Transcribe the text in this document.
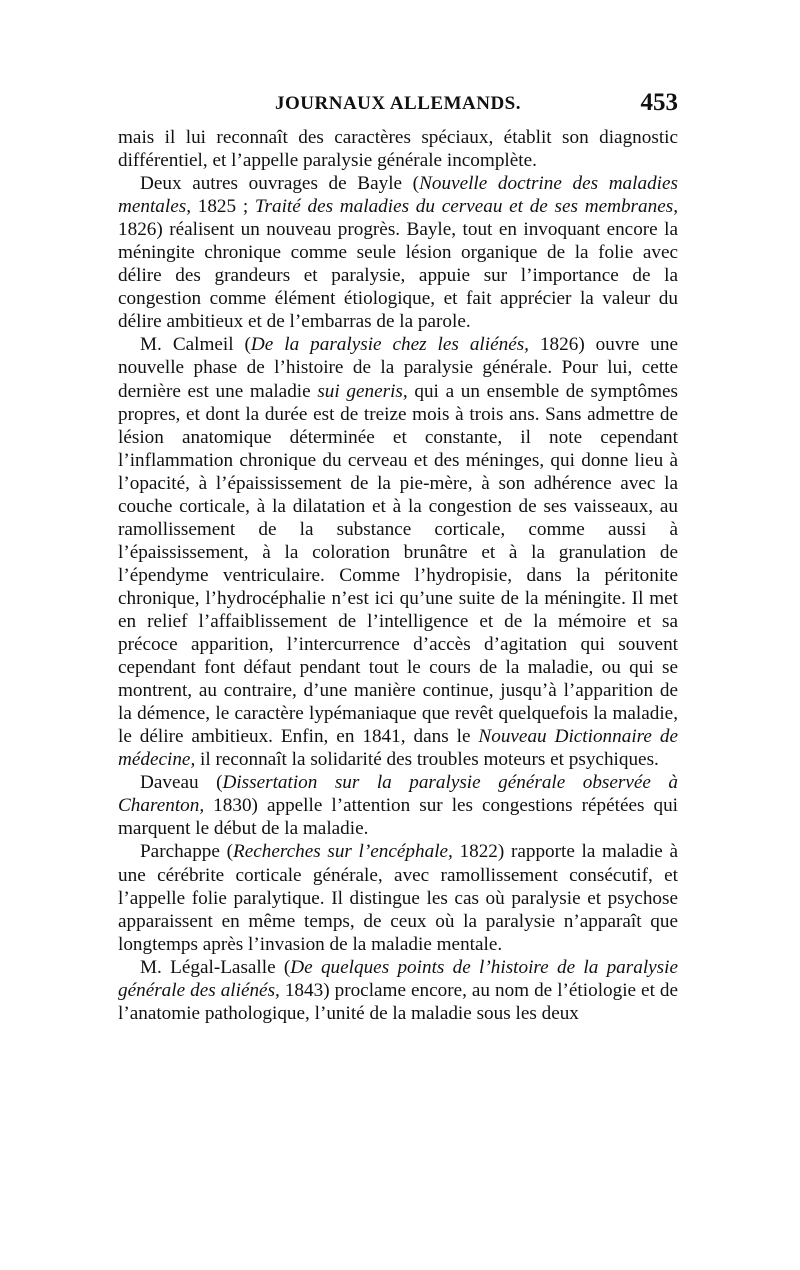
JOURNAUX ALLEMANDS.	453

mais il lui reconnaît des caractères spéciaux, établit son diagnostic différentiel, et l’appelle paralysie générale incomplète.

Deux autres ouvrages de Bayle (Nouvelle doctrine des maladies mentales, 1825 ; Traité des maladies du cerveau et de ses membranes, 1826) réalisent un nouveau progrès. Bayle, tout en invoquant encore la méningite chronique comme seule lésion organique de la folie avec délire des grandeurs et paralysie, appuie sur l’importance de la congestion comme élément étiologique, et fait apprécier la valeur du délire ambitieux et de l’embarras de la parole.

M. Calmeil (De la paralysie chez les aliénés, 1826) ouvre une nouvelle phase de l’histoire de la paralysie générale. Pour lui, cette dernière est une maladie sui generis, qui a un ensemble de symptômes propres, et dont la durée est de treize mois à trois ans. Sans admettre de lésion anatomique déterminée et constante, il note cependant l’inflammation chronique du cerveau et des méninges, qui donne lieu à l’opacité, à l’épaississement de la pie-mère, à son adhérence avec la couche corticale, à la dilatation et à la congestion de ses vaisseaux, au ramollissement de la substance corticale, comme aussi à l’épaississement, à la coloration brunâtre et à la granulation de l’épendyme ventriculaire. Comme l’hydropisie, dans la péritonite chronique, l’hydrocéphalie n’est ici qu’une suite de la méningite. Il met en relief l’affaiblissement de l’intelligence et de la mémoire et sa précoce apparition, l’intercurrence d’accès d’agitation qui souvent cependant font défaut pendant tout le cours de la maladie, ou qui se montrent, au contraire, d’une manière continue, jusqu’à l’apparition de la démence, le caractère lypémaniaque que revêt quelquefois la maladie, le délire ambitieux. Enfin, en 1841, dans le Nouveau Dictionnaire de médecine, il reconnaît la solidarité des troubles moteurs et psychiques.

Daveau (Dissertation sur la paralysie générale observée à Charenton, 1830) appelle l’attention sur les congestions répétées qui marquent le début de la maladie.

Parchappe (Recherches sur l’encéphale, 1822) rapporte la maladie à une cérébrite corticale générale, avec ramollissement consécutif, et l’appelle folie paralytique. Il distingue les cas où paralysie et psychose apparaissent en même temps, de ceux où la paralysie n’apparaît que longtemps après l’invasion de la maladie mentale.

M. Légal-Lasalle (De quelques points de l’histoire de la paralysie générale des aliénés, 1843) proclame encore, au nom de l’étiologie et de l’anatomie pathologique, l’unité de la maladie sous les deux
